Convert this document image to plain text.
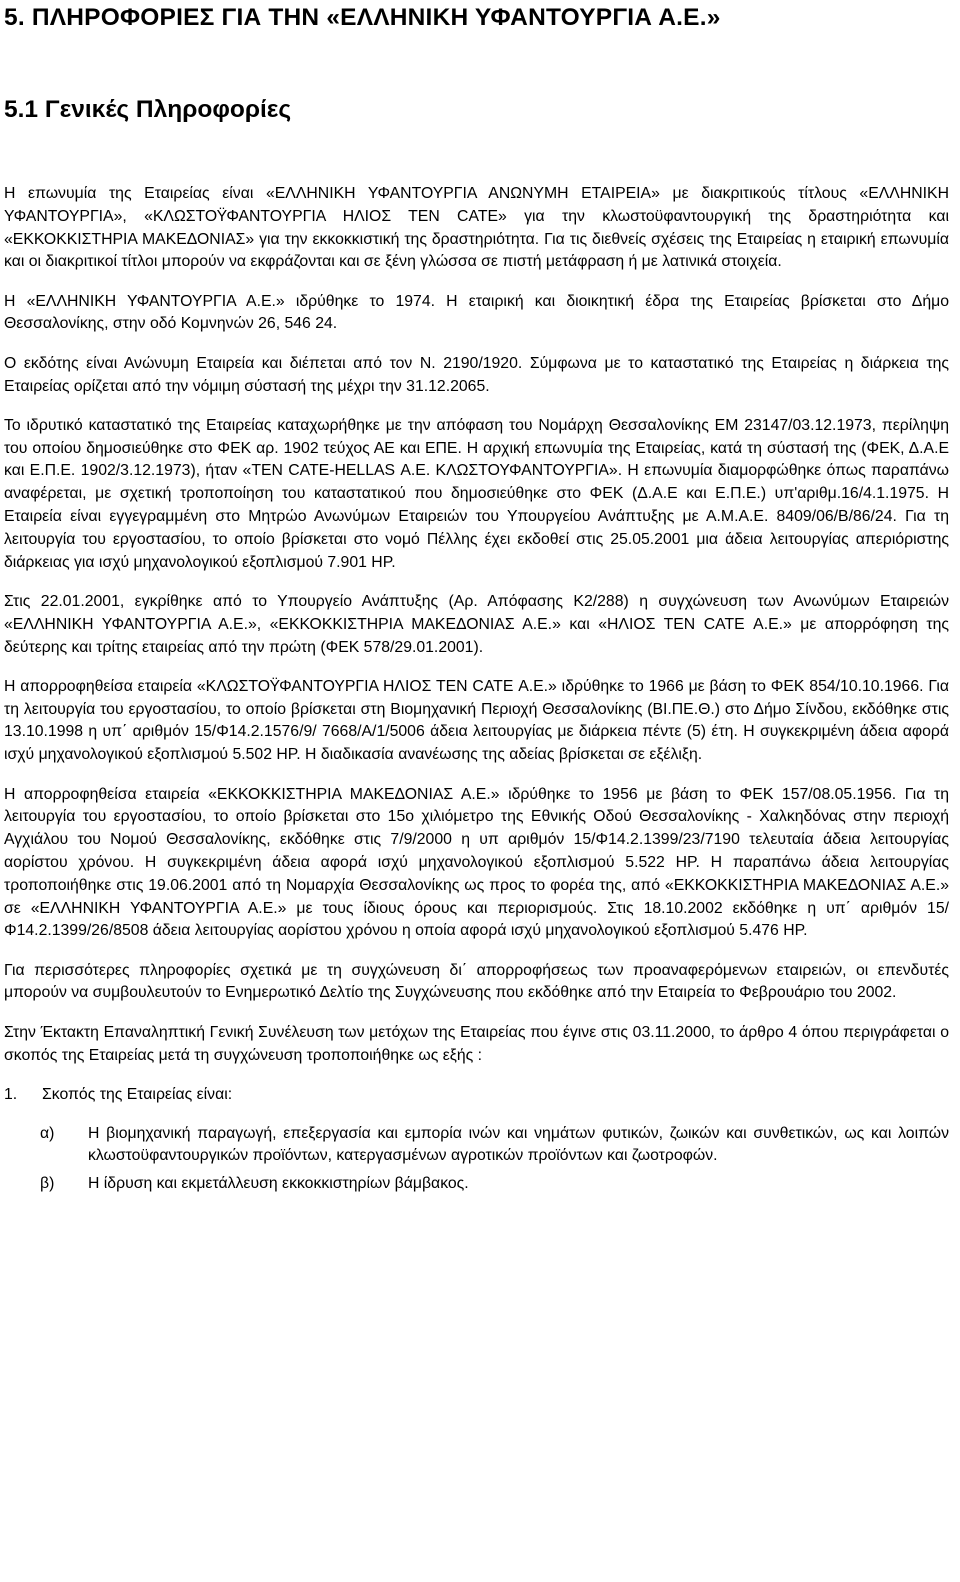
5. ΠΛΗΡΟΦΟΡΙΕΣ ΓΙΑ ΤΗΝ «ΕΛΛΗΝΙΚΗ ΥΦΑΝΤΟΥΡΓΙΑ Α.Ε.»
5.1 Γενικές Πληροφορίες

Η επωνυμία της Εταιρείας είναι «ΕΛΛΗΝΙΚΗ ΥΦΑΝΤΟΥΡΓΙΑ ΑΝΩΝΥΜΗ ΕΤΑΙΡΕΙΑ» με διακριτικούς τίτλους «ΕΛΛΗΝΙΚΗ ΥΦΑΝΤΟΥΡΓΙΑ», «ΚΛΩΣΤΟΫΦΑΝΤΟΥΡΓΙΑ ΗΛΙΟΣ ΤΕΝ CATE» για την κλωστοϋφαντουργική της δραστηριότητα και «ΕΚΚΟΚΚΙΣΤΗΡΙΑ ΜΑΚΕΔΟΝΙΑΣ» για την εκκοκκιστική της δραστηριότητα. Για τις διεθνείς σχέσεις της Εταιρείας η εταιρική επωνυμία και οι διακριτικοί τίτλοι μπορούν να εκφράζονται και σε ξένη γλώσσα σε πιστή μετάφραση ή με λατινικά στοιχεία.

Η «ΕΛΛΗΝΙΚΗ ΥΦΑΝΤΟΥΡΓΙΑ Α.Ε.» ιδρύθηκε το 1974. Η εταιρική και διοικητική έδρα της Εταιρείας βρίσκεται στο Δήμο Θεσσαλονίκης, στην οδό Κομνηνών 26, 546 24.

Ο εκδότης είναι Ανώνυμη Εταιρεία και διέπεται από τον Ν. 2190/1920. Σύμφωνα με το καταστατικό της Εταιρείας η διάρκεια της Εταιρείας ορίζεται από την νόμιμη σύστασή της μέχρι την 31.12.2065.

Το ιδρυτικό καταστατικό της Εταιρείας καταχωρήθηκε με την απόφαση του Νομάρχη Θεσσαλονίκης ΕΜ 23147/03.12.1973, περίληψη του οποίου δημοσιεύθηκε στο ΦΕΚ αρ. 1902 τεύχος ΑΕ και ΕΠΕ. Η αρχική επωνυμία της Εταιρείας, κατά τη σύστασή της (ΦΕΚ, Δ.Α.Ε και Ε.Π.Ε. 1902/3.12.1973), ήταν «ΤΕΝ CATE-HELLAS Α.Ε. ΚΛΩΣΤΟΥΦΑΝΤΟΥΡΓΙΑ». Η επωνυμία διαμορφώθηκε όπως παραπάνω αναφέρεται, με σχετική τροποποίηση του καταστατικού που δημοσιεύθηκε στο ΦΕΚ (Δ.Α.Ε και Ε.Π.Ε.) υπ'αριθμ.16/4.1.1975. Η Εταιρεία είναι εγγεγραμμένη στο Μητρώο Ανωνύμων Εταιρειών του Υπουργείου Ανάπτυξης με Α.Μ.Α.Ε. 8409/06/Β/86/24. Για τη λειτουργία του εργοστασίου, το οποίο βρίσκεται στο νομό Πέλλης έχει εκδοθεί στις 25.05.2001 μια άδεια λειτουργίας απεριόριστης διάρκειας για ισχύ μηχανολογικού εξοπλισμού 7.901 HP.

Στις 22.01.2001, εγκρίθηκε από το Υπουργείο Ανάπτυξης (Αρ. Απόφασης Κ2/288) η συγχώνευση των Ανωνύμων Εταιρειών «ΕΛΛΗΝΙΚΗ ΥΦΑΝΤΟΥΡΓΙΑ Α.Ε.», «ΕΚΚΟΚΚΙΣΤΗΡΙΑ ΜΑΚΕΔΟΝΙΑΣ Α.Ε.» και «ΗΛΙΟΣ ΤΕΝ CATE Α.Ε.» με απορρόφηση της δεύτερης και τρίτης εταιρείας από την πρώτη (ΦΕΚ 578/29.01.2001).

Η απορροφηθείσα εταιρεία «ΚΛΩΣΤΟΫΦΑΝΤΟΥΡΓΙΑ ΗΛΙΟΣ ΤΕΝ CATE Α.Ε.» ιδρύθηκε το 1966 με βάση το ΦΕΚ 854/10.10.1966. Για τη λειτουργία του εργοστασίου, το οποίο βρίσκεται στη Βιομηχανική Περιοχή Θεσσαλονίκης (ΒΙ.ΠΕ.Θ.) στο Δήμο Σίνδου, εκδόθηκε στις 13.10.1998 η υπ΄ αριθμόν 15/Φ14.2.1576/9/ 7668/Α/1/5006 άδεια λειτουργίας με διάρκεια πέντε (5) έτη. Η συγκεκριμένη άδεια αφορά ισχύ μηχανολογικού εξοπλισμού 5.502 HP. Η διαδικασία ανανέωσης της αδείας βρίσκεται σε εξέλιξη.

Η απορροφηθείσα εταιρεία «ΕΚΚΟΚΚΙΣΤΗΡΙΑ ΜΑΚΕΔΟΝΙΑΣ Α.Ε.» ιδρύθηκε το 1956 με βάση το ΦΕΚ 157/08.05.1956. Για τη λειτουργία του εργοστασίου, το οποίο βρίσκεται στο 15ο χιλιόμετρο της Εθνικής Οδού Θεσσαλονίκης - Χαλκηδόνας στην περιοχή Αγχιάλου του Νομού Θεσσαλονίκης, εκδόθηκε στις 7/9/2000 η υπ αριθμόν 15/Φ14.2.1399/23/7190 τελευταία άδεια λειτουργίας αορίστου χρόνου. Η συγκεκριμένη άδεια αφορά ισχύ μηχανολογικού εξοπλισμού 5.522 HP. Η παραπάνω άδεια λειτουργίας τροποποιήθηκε στις 19.06.2001 από τη Νομαρχία Θεσσαλονίκης ως προς το φορέα της, από «ΕΚΚΟΚΚΙΣΤΗΡΙΑ ΜΑΚΕΔΟΝΙΑΣ Α.Ε.» σε «ΕΛΛΗΝΙΚΗ ΥΦΑΝΤΟΥΡΓΙΑ Α.Ε.» με τους ίδιους όρους και περιορισμούς. Στις 18.10.2002 εκδόθηκε η υπ΄ αριθμόν 15/Φ14.2.1399/26/8508 άδεια λειτουργίας αορίστου χρόνου η οποία αφορά ισχύ μηχανολογικού εξοπλισμού 5.476 HP.

Για περισσότερες πληροφορίες σχετικά με τη συγχώνευση δι΄ απορροφήσεως των προαναφερόμενων εταιρειών, οι επενδυτές μπορούν να συμβουλευτούν το Ενημερωτικό Δελτίο της Συγχώνευσης που εκδόθηκε από την Εταιρεία το Φεβρουάριο του 2002.

Στην Έκτακτη Επαναληπτική Γενική Συνέλευση των μετόχων της Εταιρείας που έγινε στις 03.11.2000, το άρθρο 4 όπου περιγράφεται ο σκοπός της Εταιρείας μετά τη συγχώνευση τροποποιήθηκε ως εξής :

1.	Σκοπός της Εταιρείας είναι:
α)	Η βιομηχανική παραγωγή, επεξεργασία και εμπορία ινών και νημάτων φυτικών, ζωικών και συνθετικών, ως και λοιπών κλωστοϋφαντουργικών προϊόντων, κατεργασμένων αγροτικών προϊόντων και ζωοτροφών.
β)	Η ίδρυση και εκμετάλλευση εκκοκκιστηρίων βάμβακος.
